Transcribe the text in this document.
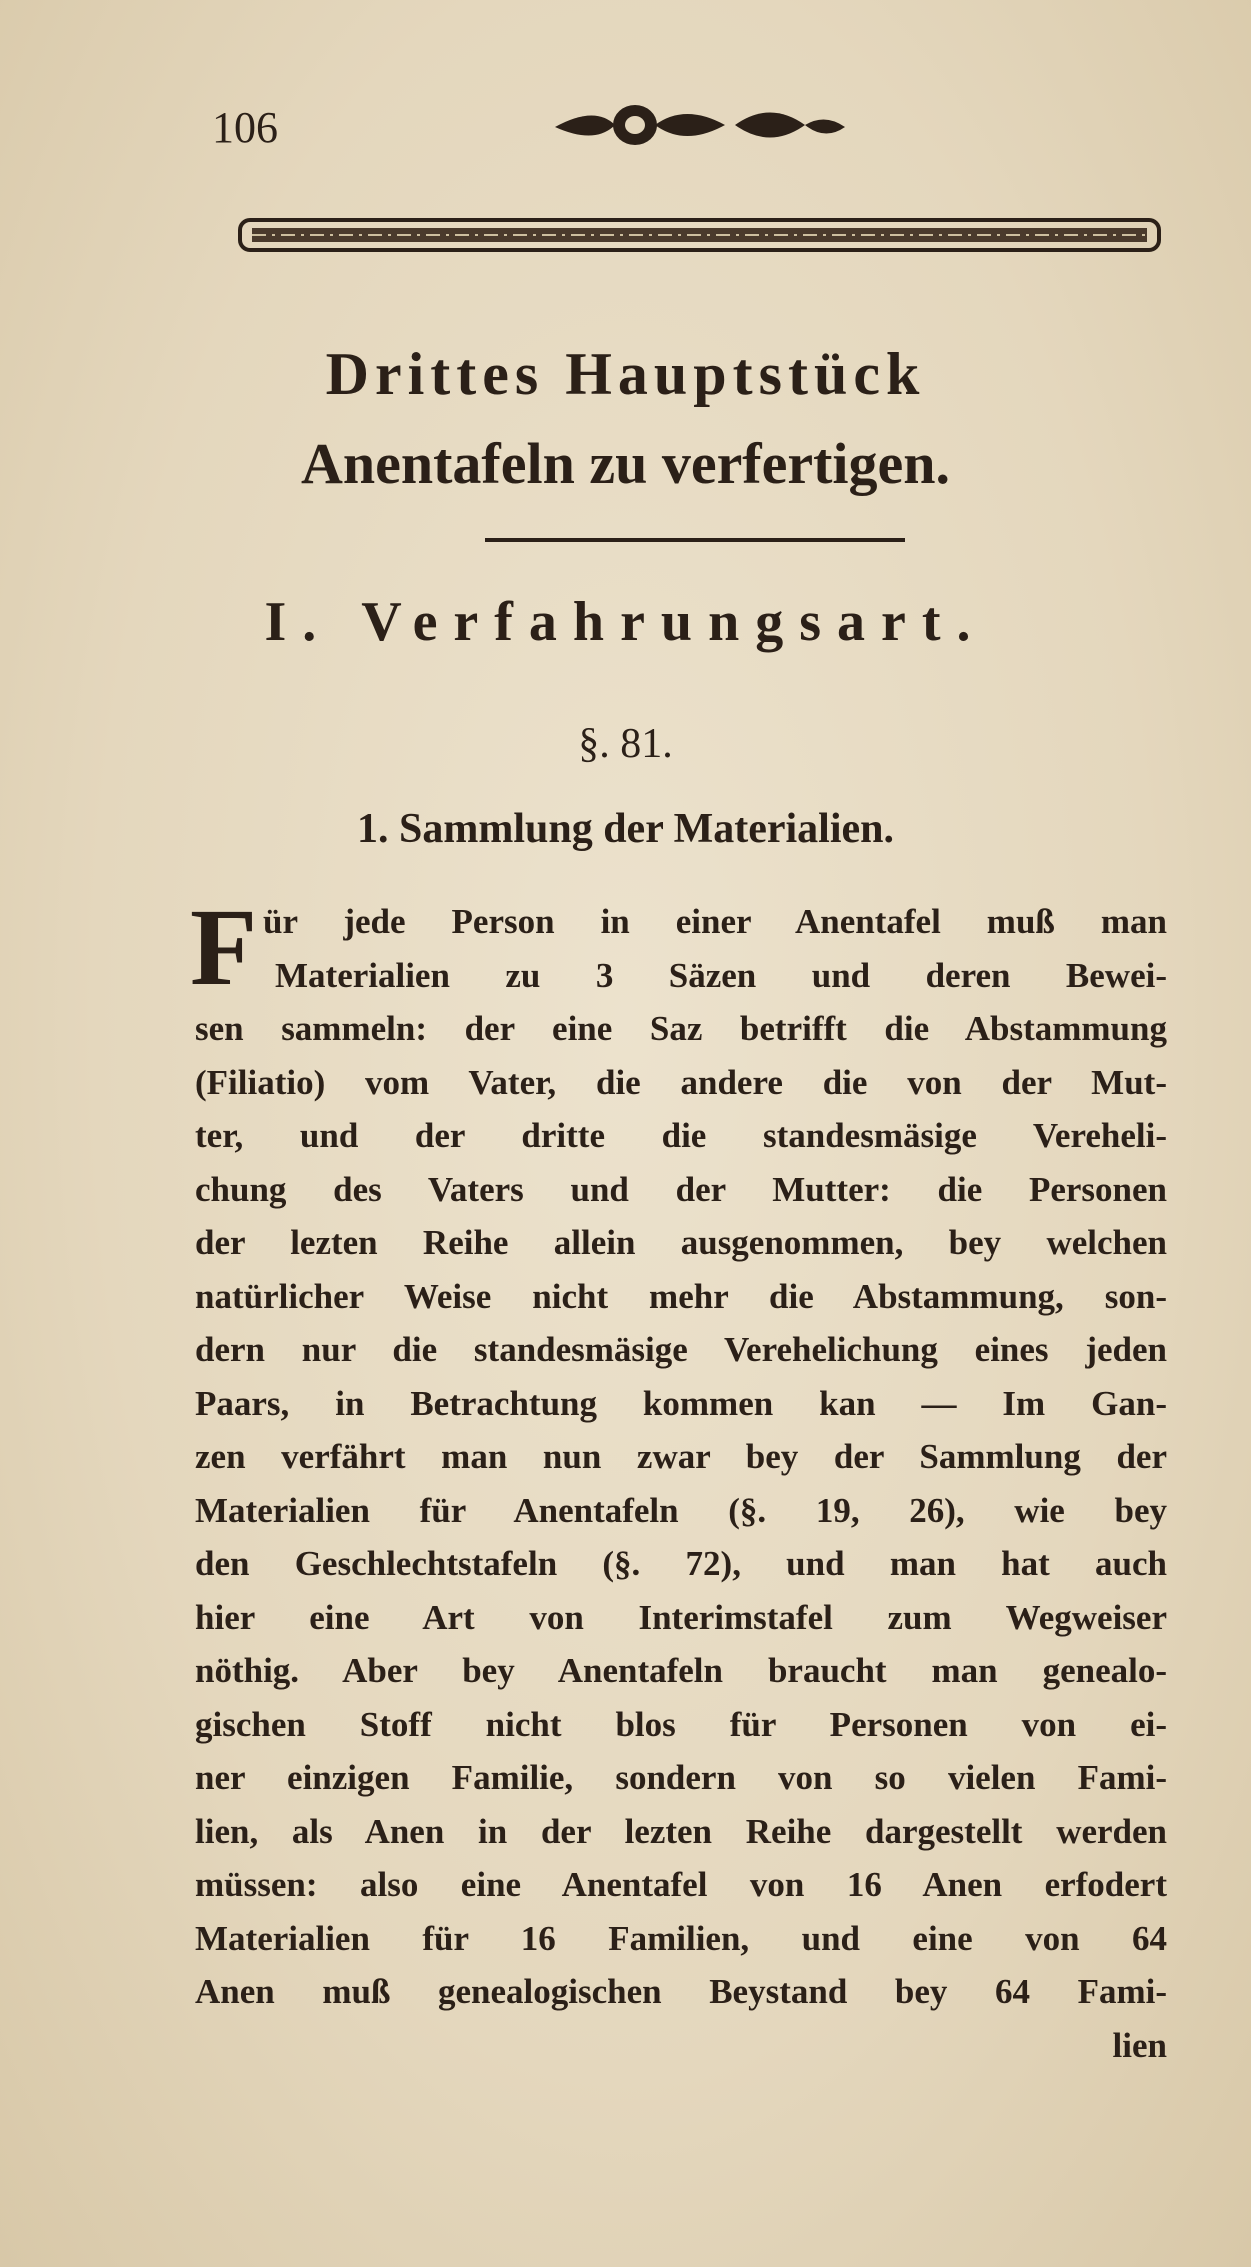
106
Drittes Hauptstück
Anentafeln zu verfertigen.
I. Verfahrungsart.
§. 81.
1. Sammlung der Materialien.
F ür jede Person in einer Anentafel muß man
Materialien zu 3 Säzen und deren Bewei-
sen sammeln: der eine Saz betrifft die Abstammung
(Filiatio) vom Vater, die andere die von der Mut-
ter, und der dritte die standesmäsige Vereheli-
chung des Vaters und der Mutter: die Personen
der lezten Reihe allein ausgenommen, bey welchen
natürlicher Weise nicht mehr die Abstammung, son-
dern nur die standesmäsige Verehelichung eines jeden
Paars, in Betrachtung kommen kan — Im Gan-
zen verfährt man nun zwar bey der Sammlung der
Materialien für Anentafeln (§. 19, 26), wie bey
den Geschlechtstafeln (§. 72), und man hat auch
hier eine Art von Interimstafel zum Wegweiser
nöthig. Aber bey Anentafeln braucht man genealo-
gischen Stoff nicht blos für Personen von ei-
ner einzigen Familie, sondern von so vielen Fami-
lien, als Anen in der lezten Reihe dargestellt werden
müssen: also eine Anentafel von 16 Anen erfodert
Materialien für 16 Familien, und eine von 64
Anen muß genealogischen Beystand bey 64 Fami-
lien
